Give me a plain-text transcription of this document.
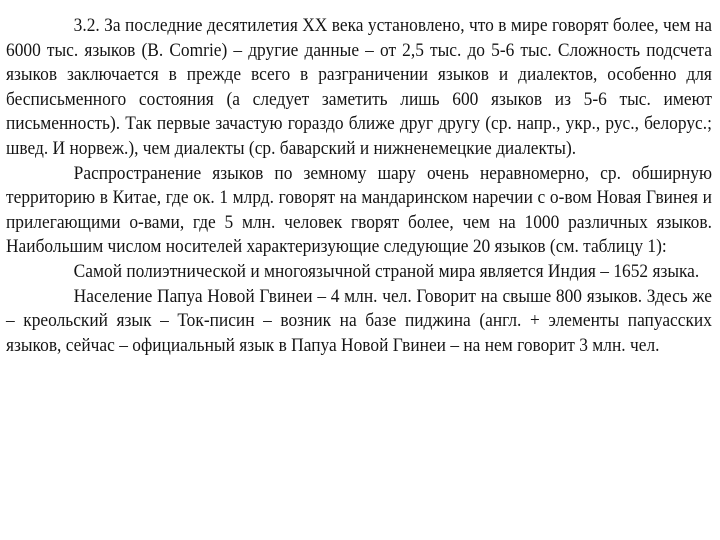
3.2. За последние десятилетия XX века установлено, что в мире говорят более, чем на 6000 тыс. языков (B. Comrie) – другие данные – от 2,5 тыс. до 5-6 тыс. Сложность подсчета языков заключается в прежде всего в разграничении языков и диалектов, особенно для бесписьменного состояния (а следует заметить лишь 600 языков из 5-6 тыс. имеют письменность). Так первые зачастую гораздо ближе друг другу (ср. напр., укр., рус., белорус.; швед. И норвеж.), чем диалекты (ср. баварский и нижненемецкие диалекты).

Распространение языков по земному шару очень неравномерно, ср. обширную территорию в Китае, где ок. 1 млрд. говорят на мандаринском наречии с о-вом Новая Гвинея и прилегающими о-вами, где 5 млн. человек гворят более, чем на 1000 различных языков. Наибольшим числом носителей характеризующие следующие 20 языков (см. таблицу 1):

Самой полиэтнической и многоязычной страной мира является Индия – 1652 языка.

Население Папуа Новой Гвинеи – 4 млн. чел. Говорит на свыше 800 языков. Здесь же – креольский язык – Ток-писин – возник на базе пиджина (англ. + элементы папуасских языков, сейчас – официальный язык в Папуа Новой Гвинеи – на нем говорит 3 млн. чел.
